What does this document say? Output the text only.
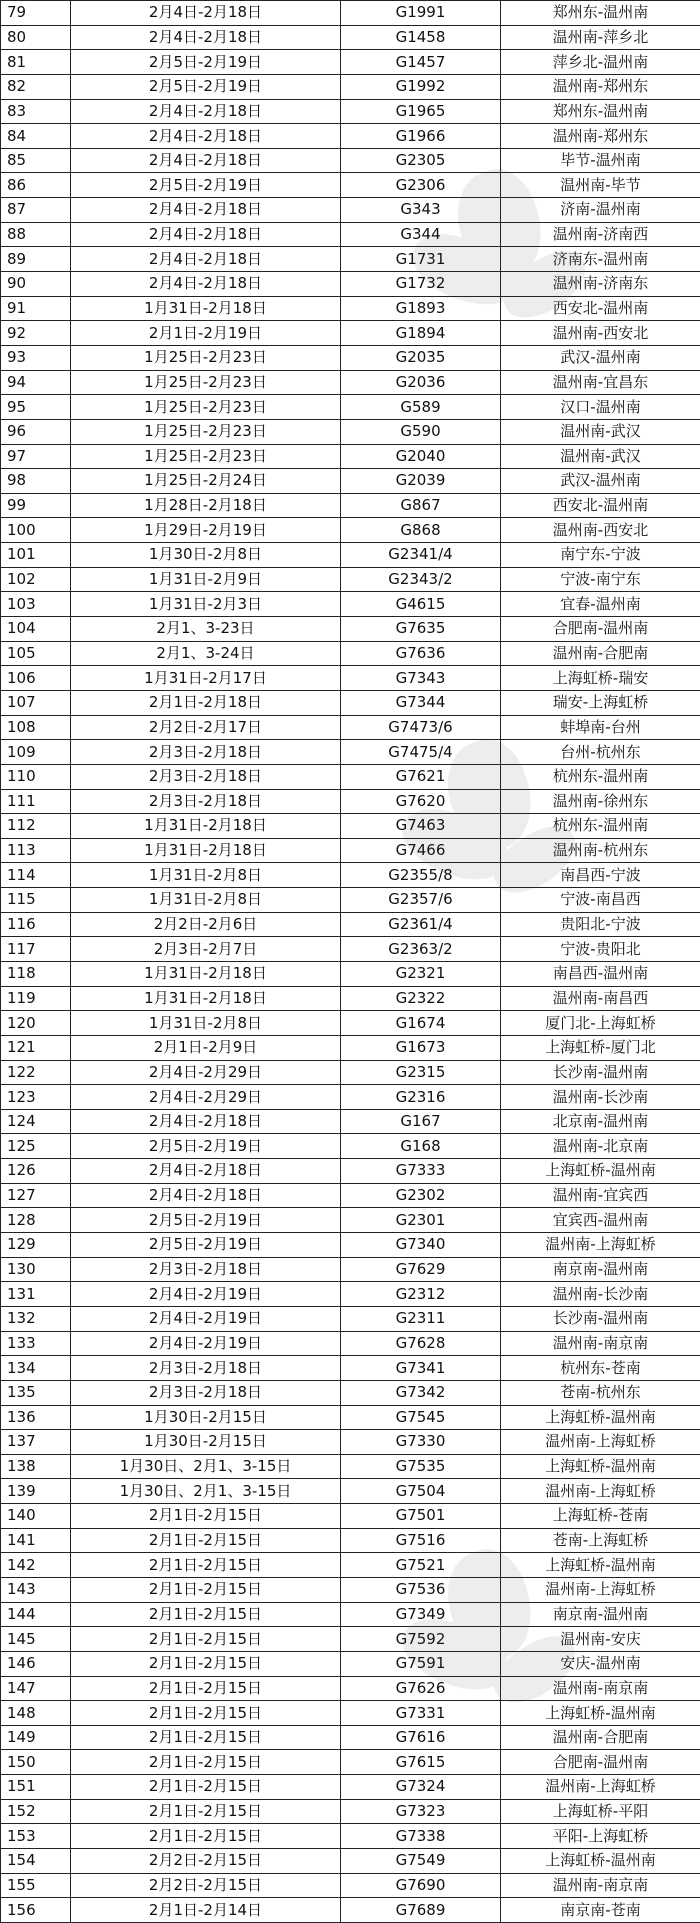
79	2月4日-2月18日	G1991	郑州东-温州南
80	2月4日-2月18日	G1458	温州南-萍乡北
81	2月5日-2月19日	G1457	萍乡北-温州南
82	2月5日-2月19日	G1992	温州南-郑州东
83	2月4日-2月18日	G1965	郑州东-温州南
84	2月4日-2月18日	G1966	温州南-郑州东
85	2月4日-2月18日	G2305	毕节-温州南
86	2月5日-2月19日	G2306	温州南-毕节
87	2月4日-2月18日	G343	济南-温州南
88	2月4日-2月18日	G344	温州南-济南西
89	2月4日-2月18日	G1731	济南东-温州南
90	2月4日-2月18日	G1732	温州南-济南东
91	1月31日-2月18日	G1893	西安北-温州南
92	2月1日-2月19日	G1894	温州南-西安北
93	1月25日-2月23日	G2035	武汉-温州南
94	1月25日-2月23日	G2036	温州南-宜昌东
95	1月25日-2月23日	G589	汉口-温州南
96	1月25日-2月23日	G590	温州南-武汉
97	1月25日-2月23日	G2040	温州南-武汉
98	1月25日-2月24日	G2039	武汉-温州南
99	1月28日-2月18日	G867	西安北-温州南
100	1月29日-2月19日	G868	温州南-西安北
101	1月30日-2月8日	G2341/4	南宁东-宁波
102	1月31日-2月9日	G2343/2	宁波-南宁东
103	1月31日-2月3日	G4615	宜春-温州南
104	2月1、3-23日	G7635	合肥南-温州南
105	2月1、3-24日	G7636	温州南-合肥南
106	1月31日-2月17日	G7343	上海虹桥-瑞安
107	2月1日-2月18日	G7344	瑞安-上海虹桥
108	2月2日-2月17日	G7473/6	蚌埠南-台州
109	2月3日-2月18日	G7475/4	台州-杭州东
110	2月3日-2月18日	G7621	杭州东-温州南
111	2月3日-2月18日	G7620	温州南-徐州东
112	1月31日-2月18日	G7463	杭州东-温州南
113	1月31日-2月18日	G7466	温州南-杭州东
114	1月31日-2月8日	G2355/8	南昌西-宁波
115	1月31日-2月8日	G2357/6	宁波-南昌西
116	2月2日-2月6日	G2361/4	贵阳北-宁波
117	2月3日-2月7日	G2363/2	宁波-贵阳北
118	1月31日-2月18日	G2321	南昌西-温州南
119	1月31日-2月18日	G2322	温州南-南昌西
120	1月31日-2月8日	G1674	厦门北-上海虹桥
121	2月1日-2月9日	G1673	上海虹桥-厦门北
122	2月4日-2月29日	G2315	长沙南-温州南
123	2月4日-2月29日	G2316	温州南-长沙南
124	2月4日-2月18日	G167	北京南-温州南
125	2月5日-2月19日	G168	温州南-北京南
126	2月4日-2月18日	G7333	上海虹桥-温州南
127	2月4日-2月18日	G2302	温州南-宜宾西
128	2月5日-2月19日	G2301	宜宾西-温州南
129	2月5日-2月19日	G7340	温州南-上海虹桥
130	2月3日-2月18日	G7629	南京南-温州南
131	2月4日-2月19日	G2312	温州南-长沙南
132	2月4日-2月19日	G2311	长沙南-温州南
133	2月4日-2月19日	G7628	温州南-南京南
134	2月3日-2月18日	G7341	杭州东-苍南
135	2月3日-2月18日	G7342	苍南-杭州东
136	1月30日-2月15日	G7545	上海虹桥-温州南
137	1月30日-2月15日	G7330	温州南-上海虹桥
138	1月30日、2月1、3-15日	G7535	上海虹桥-温州南
139	1月30日、2月1、3-15日	G7504	温州南-上海虹桥
140	2月1日-2月15日	G7501	上海虹桥-苍南
141	2月1日-2月15日	G7516	苍南-上海虹桥
142	2月1日-2月15日	G7521	上海虹桥-温州南
143	2月1日-2月15日	G7536	温州南-上海虹桥
144	2月1日-2月15日	G7349	南京南-温州南
145	2月1日-2月15日	G7592	温州南-安庆
146	2月1日-2月15日	G7591	安庆-温州南
147	2月1日-2月15日	G7626	温州南-南京南
148	2月1日-2月15日	G7331	上海虹桥-温州南
149	2月1日-2月15日	G7616	温州南-合肥南
150	2月1日-2月15日	G7615	合肥南-温州南
151	2月1日-2月15日	G7324	温州南-上海虹桥
152	2月1日-2月15日	G7323	上海虹桥-平阳
153	2月1日-2月15日	G7338	平阳-上海虹桥
154	2月2日-2月15日	G7549	上海虹桥-温州南
155	2月2日-2月15日	G7690	温州南-南京南
156	2月1日-2月14日	G7689	南京南-苍南
